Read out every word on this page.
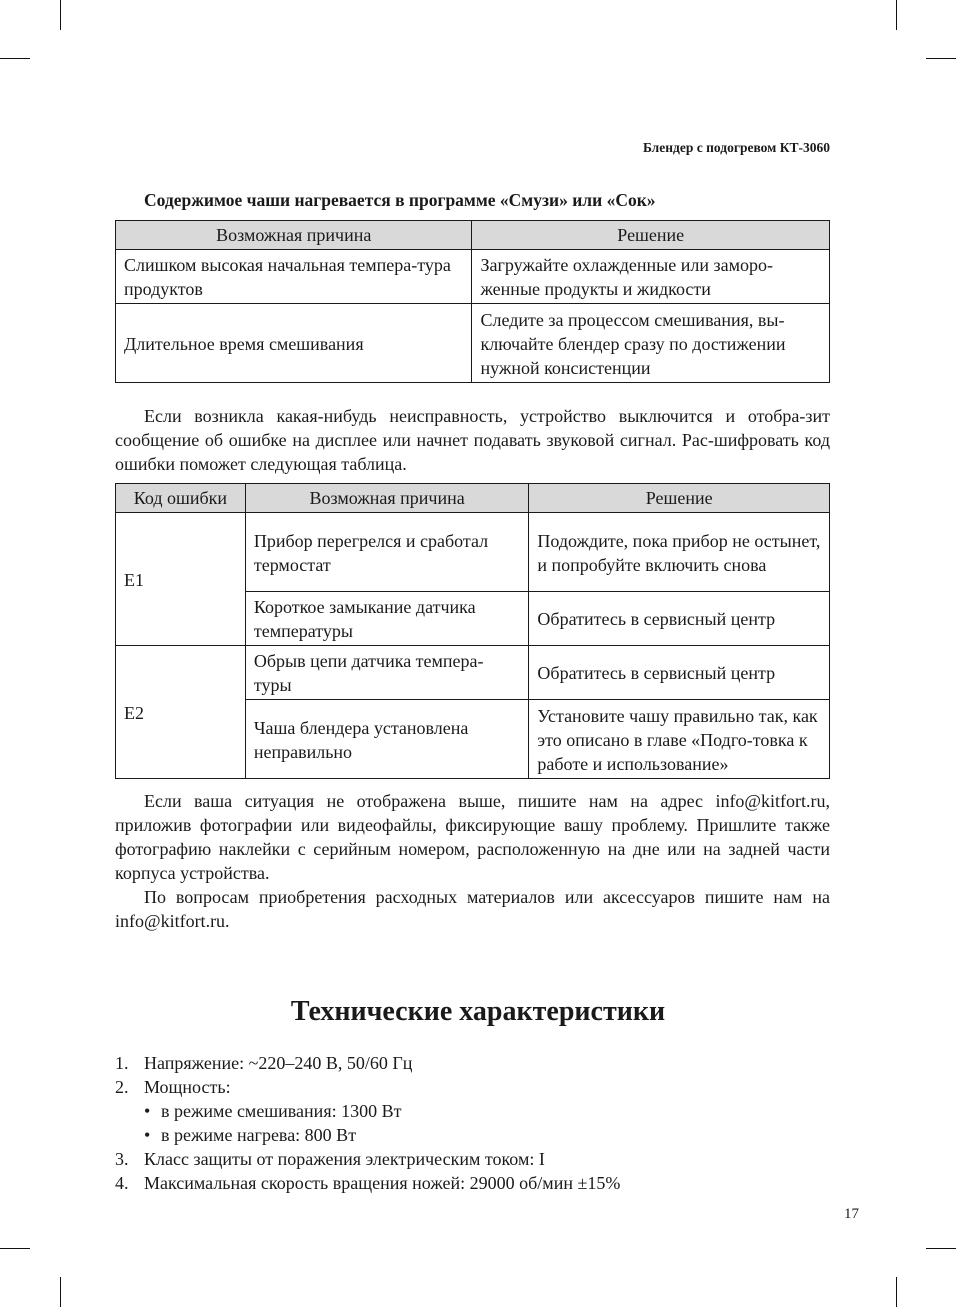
Блендер с подогревом КТ-3060
Содержимое чаши нагревается в программе «Смузи» или «Сок»
Возможная причина	Решение
Слишком высокая начальная темпера-тура продуктов	Загружайте охлажденные или заморо-женные продукты и жидкости
Длительное время смешивания	Следите за процессом смешивания, вы-ключайте блендер сразу по достижении нужной консистенции

Если возникла какая-нибудь неисправность, устройство выключится и отобра-зит сообщение об ошибке на дисплее или начнет подавать звуковой сигнал. Рас-шифровать код ошибки поможет следующая таблица.

Код ошибки	Возможная причина	Решение
E1	Прибор перегрелся и сработал термостат	Подождите, пока прибор не остынет, и попробуйте включить снова
	Короткое замыкание датчика температуры	Обратитесь в сервисный центр
E2	Обрыв цепи датчика темпера-туры	Обратитесь в сервисный центр
	Чаша блендера установлена неправильно	Установите чашу правильно так, как это описано в главе «Подго-товка к работе и использование»

Если ваша ситуация не отображена выше, пишите нам на адрес info@kitfort.ru, приложив фотографии или видеофайлы, фиксирующие вашу проблему. Пришлите также фотографию наклейки с серийным номером, расположенную на дне или на задней части корпуса устройства.

По вопросам приобретения расходных материалов или аксессуаров пишите нам на info@kitfort.ru.

Технические характеристики
1. Напряжение: ~220–240 В, 50/60 Гц
2. Мощность:
• в режиме смешивания: 1300 Вт
• в режиме нагрева: 800 Вт
3. Класс защиты от поражения электрическим током: I
4. Максимальная скорость вращения ножей: 29000 об/мин ±15%
17
